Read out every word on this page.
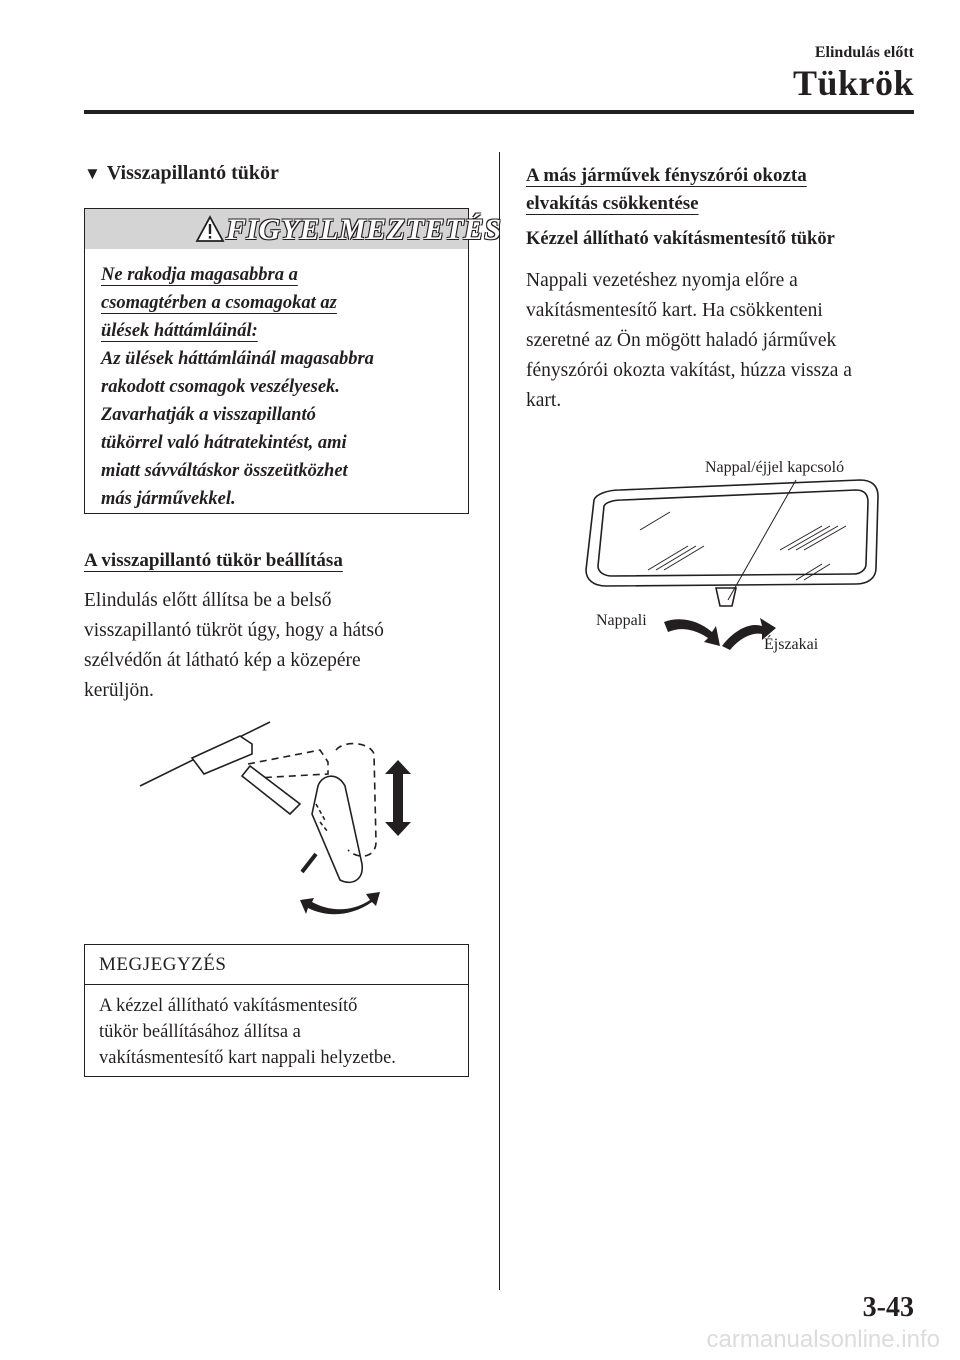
Elindulás előtt
Tükrök
▼ Visszapillantó tükör
FIGYELMEZTETÉS
Ne rakodja magasabbra a
csomagtérben a csomagokat az
ülések háttámláinál:
Az ülések háttámláinál magasabbra
rakodott csomagok veszélyesek.
Zavarhatják a visszapillantó
tükörrel való hátratekintést, ami
miatt sávváltáskor összeütközhet
más járművekkel.
A visszapillantó tükör beállítása
Elindulás előtt állítsa be a belső
visszapillantó tükröt úgy, hogy a hátsó
szélvédőn át látható kép a közepére
kerüljön.
MEGJEGYZÉS
A kézzel állítható vakításmentesítő
tükör beállításához állítsa a
vakításmentesítő kart nappali helyzetbe.
A más járművek fényszórói okozta
elvakítás csökkentése
Kézzel állítható vakításmentesítő tükör
Nappali vezetéshez nyomja előre a
vakításmentesítő kart. Ha csökkenteni
szeretné az Ön mögött haladó járművek
fényszórói okozta vakítást, húzza vissza a
kart.
Nappal/éjjel kapcsoló
Nappali
Éjszakai
3-43
carmanualsonline.info
